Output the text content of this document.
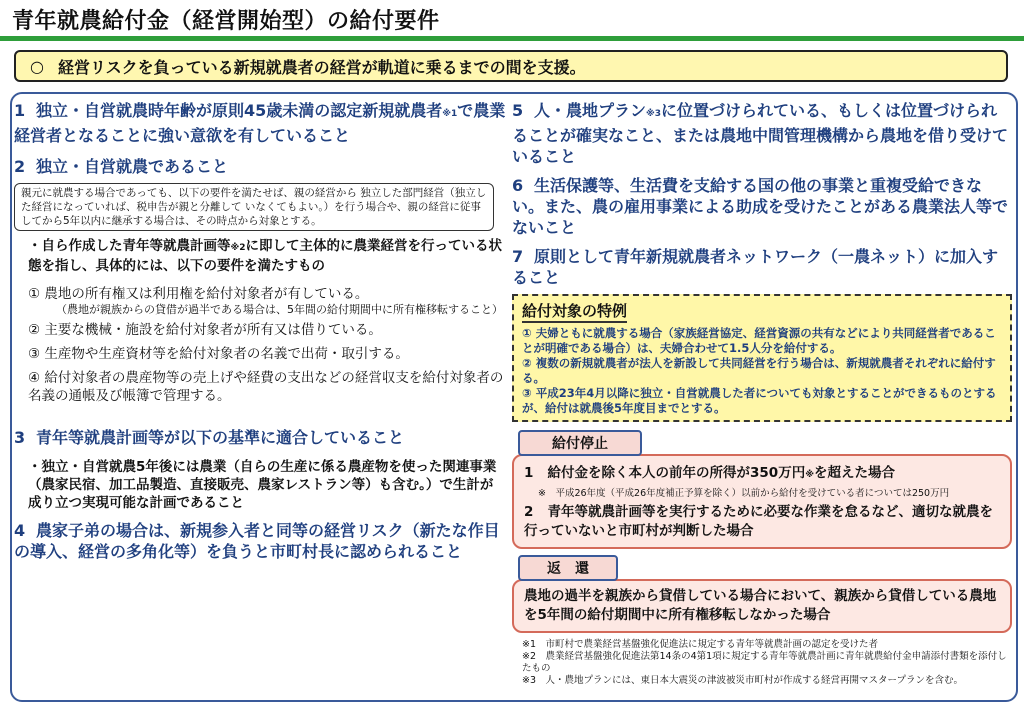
青年就農給付金（経営開始型）の給付要件
○ 経営リスクを負っている新規就農者の経営が軌道に乗るまでの間を支援。
1 独立・自営就農時年齢が原則45歳未満の認定新規就農者※1で農業経営者となることに強い意欲を有していること
2 独立・自営就農であること
親元に就農する場合であっても、以下の要件を満たせば、親の経営から 独立した部門経営（独立した経営になっていれば、税申告が親と分離して いなくてもよい。）を行う場合や、親の経営に従事してから5年以内に継承する場合は、その時点から対象とする。
・自ら作成した青年等就農計画等※2に即して主体的に農業経営を行っている状態を指し、具体的には、以下の要件を満たすもの
① 農地の所有権又は利用権を給付対象者が有している。
（農地が親族からの貸借が過半である場合は、5年間の給付期間中に所有権移転すること）
② 主要な機械・施設を給付対象者が所有又は借りている。
③ 生産物や生産資材等を給付対象者の名義で出荷・取引する。
④ 給付対象者の農産物等の売上げや経費の支出などの経営収支を給付対象者の名義の通帳及び帳簿で管理する。
3 青年等就農計画等が以下の基準に適合していること
・独立・自営就農5年後には農業（自らの生産に係る農産物を使った関連事業（農家民宿、加工品製造、直接販売、農家レストラン等）も含む。）で生計が成り立つ実現可能な計画であること
4 農家子弟の場合は、新規参入者と同等の経営リスク（新たな作目の導入、経営の多角化等）を負うと市町村長に認められること
5 人・農地プラン※3に位置づけられている、もしくは位置づけられることが確実なこと、または農地中間管理機構から農地を借り受けていること
6 生活保護等、生活費を支給する国の他の事業と重複受給できない。また、農の雇用事業による助成を受けたことがある農業法人等でないこと
7 原則として青年新規就農者ネットワーク（一農ネット）に加入すること
給付対象の特例
① 夫婦ともに就農する場合（家族経営協定、経営資源の共有などにより共同経営者であることが明確である場合）は、夫婦合わせて1.5人分を給付する。
② 複数の新規就農者が法人を新設して共同経営を行う場合は、新規就農者それぞれに給付する。
③ 平成23年4月以降に独立・自営就農した者についても対象とすることができるものとするが、給付は就農後5年度目までとする。
給付停止
1 給付金を除く本人の前年の所得が350万円※を超えた場合
※　平成26年度（平成26年度補正予算を除く）以前から給付を受けている者については250万円
2 青年等就農計画等を実行するために必要な作業を怠るなど、適切な就農を行っていないと市町村が判断した場合
返　還
農地の過半を親族から貸借している場合において、親族から貸借している農地を5年間の給付期間中に所有権移転しなかった場合
※1　市町村で農業経営基盤強化促進法に規定する青年等就農計画の認定を受けた者
※2　農業経営基盤強化促進法第14条の4第1項に規定する青年等就農計画に青年就農給付金申請添付書類を添付したもの
※3　人・農地プランには、東日本大震災の津波被災市町村が作成する経営再開マスタープランを含む。
